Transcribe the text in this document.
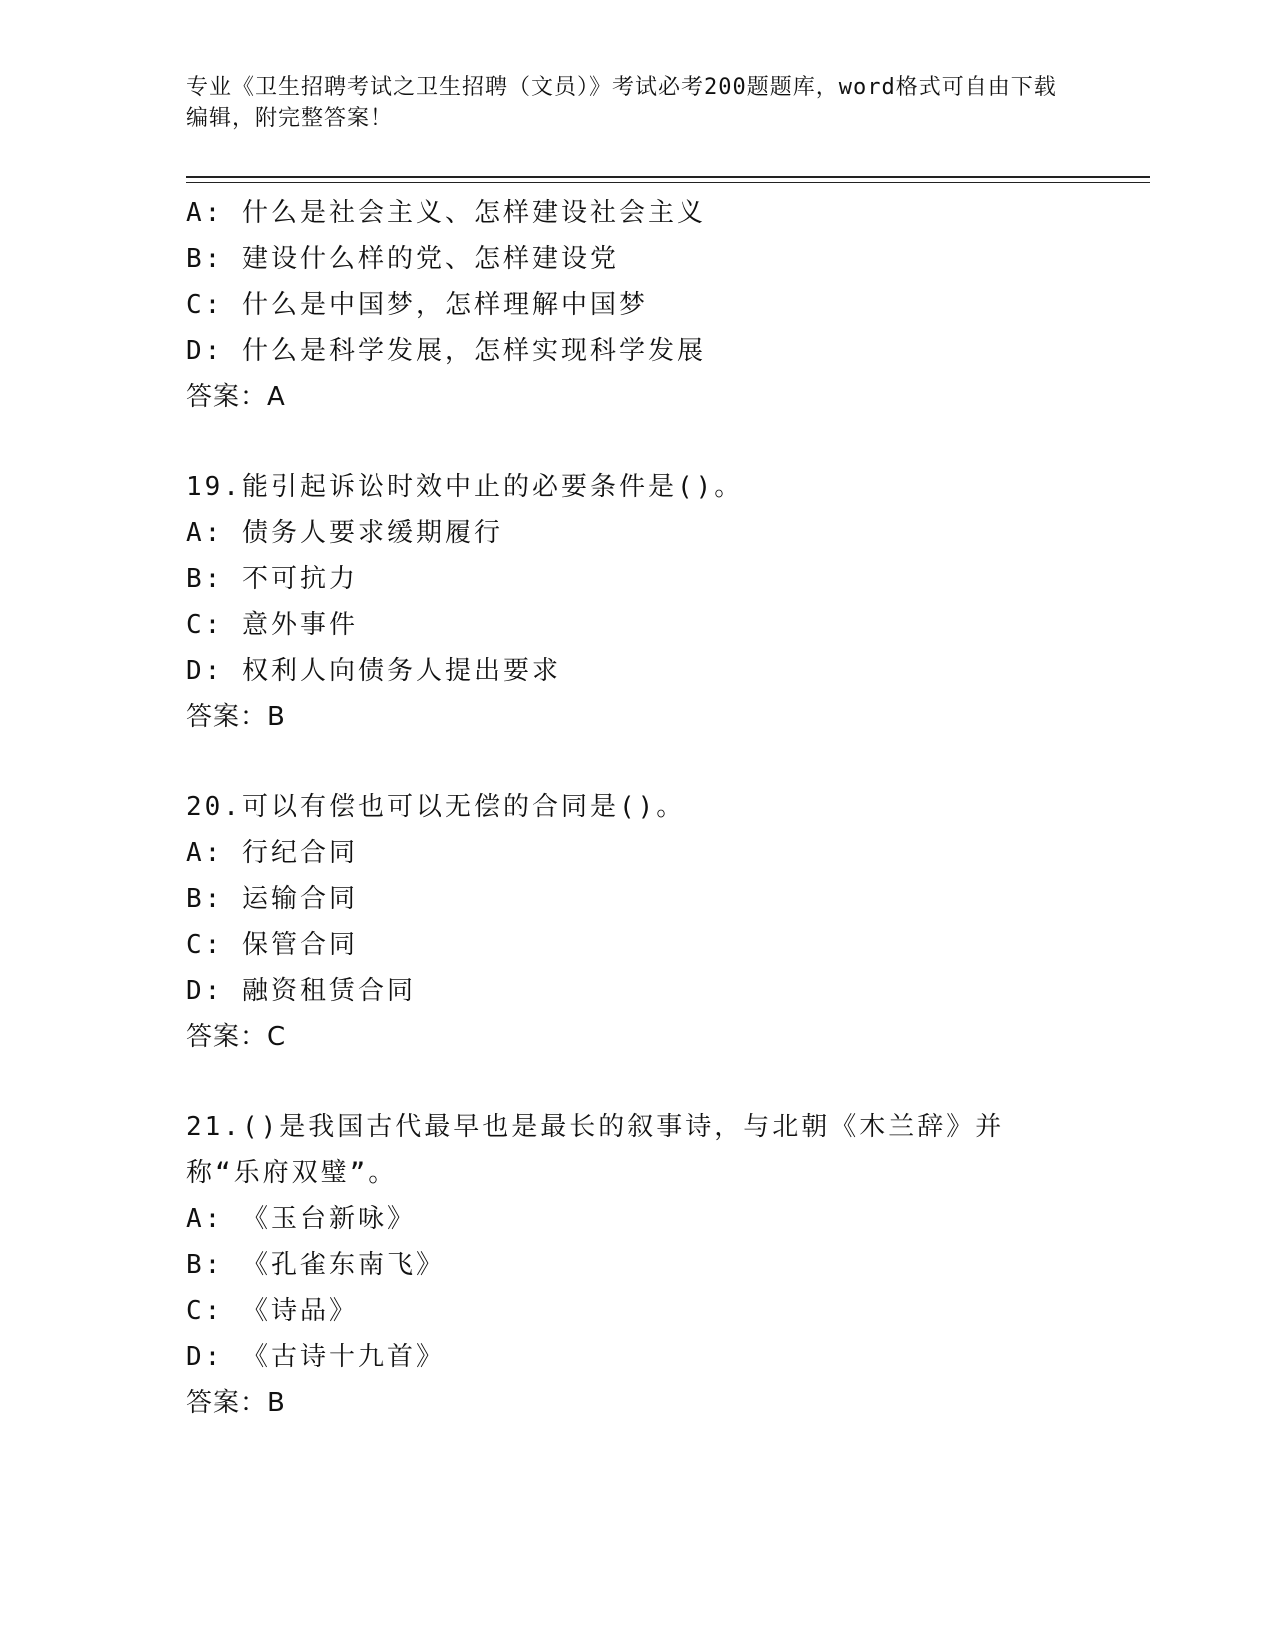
专业《卫生招聘考试之卫生招聘（文员）》考试必考200题题库，word格式可自由下载编辑，附完整答案！
A: 什么是社会主义、怎样建设社会主义
B: 建设什么样的党、怎样建设党
C: 什么是中国梦，怎样理解中国梦
D: 什么是科学发展，怎样实现科学发展
答案：A
19.能引起诉讼时效中止的必要条件是()。
A: 债务人要求缓期履行
B: 不可抗力
C: 意外事件
D: 权利人向债务人提出要求
答案：B
20.可以有偿也可以无偿的合同是()。
A: 行纪合同
B: 运输合同
C: 保管合同
D: 融资租赁合同
答案：C
21.()是我国古代最早也是最长的叙事诗，与北朝《木兰辞》并称“乐府双璧”。
A: 《玉台新咏》
B: 《孔雀东南飞》
C: 《诗品》
D: 《古诗十九首》
答案：B
